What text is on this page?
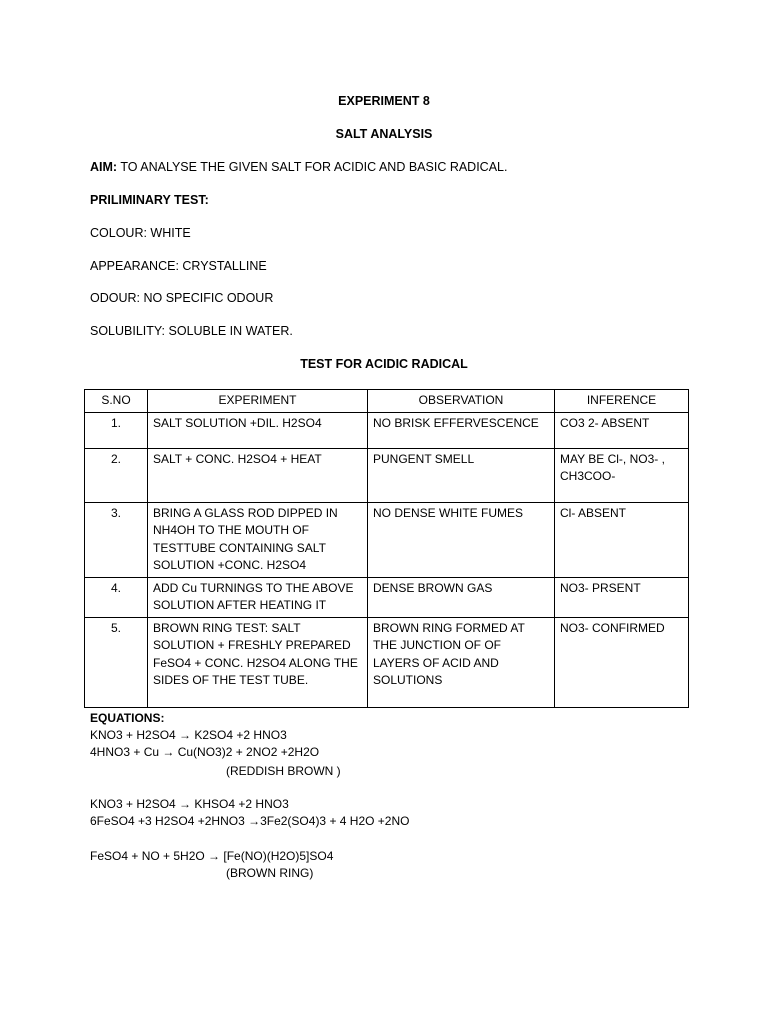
EXPERIMENT 8
SALT ANALYSIS
AIM: TO ANALYSE THE GIVEN SALT FOR ACIDIC AND BASIC RADICAL.
PRILIMINARY TEST:
COLOUR: WHITE
APPEARANCE: CRYSTALLINE
ODOUR: NO SPECIFIC ODOUR
SOLUBILITY: SOLUBLE IN WATER.
TEST FOR ACIDIC RADICAL
S.NO	EXPERIMENT	OBSERVATION	INFERENCE
1.	SALT SOLUTION +DIL. H2SO4	NO BRISK EFFERVESCENCE	CO3 2- ABSENT
2.	SALT + CONC. H2SO4 + HEAT	PUNGENT SMELL	MAY BE Cl-, NO3- , CH3COO-
3.	BRING A GLASS ROD DIPPED IN NH4OH TO THE MOUTH OF TESTTUBE CONTAINING SALT SOLUTION +CONC. H2SO4	NO DENSE WHITE FUMES	Cl- ABSENT
4.	ADD Cu TURNINGS TO THE ABOVE SOLUTION AFTER HEATING IT	DENSE BROWN GAS	NO3- PRSENT
5.	BROWN RING TEST: SALT SOLUTION + FRESHLY PREPARED FeSO4 + CONC. H2SO4 ALONG THE SIDES OF THE TEST TUBE.	BROWN RING FORMED AT THE JUNCTION OF OF LAYERS OF ACID AND SOLUTIONS	NO3- CONFIRMED
EQUATIONS:
KNO3 + H2SO4 → K2SO4 +2 HNO3
4HNO3 + Cu → Cu(NO3)2 + 2NO2 +2H2O
(REDDISH BROWN )
KNO3 + H2SO4 → KHSO4 +2 HNO3
6FeSO4 +3 H2SO4 +2HNO3 →3Fe2(SO4)3 + 4 H2O +2NO
FeSO4 + NO + 5H2O → [Fe(NO)(H2O)5]SO4
(BROWN RING)
